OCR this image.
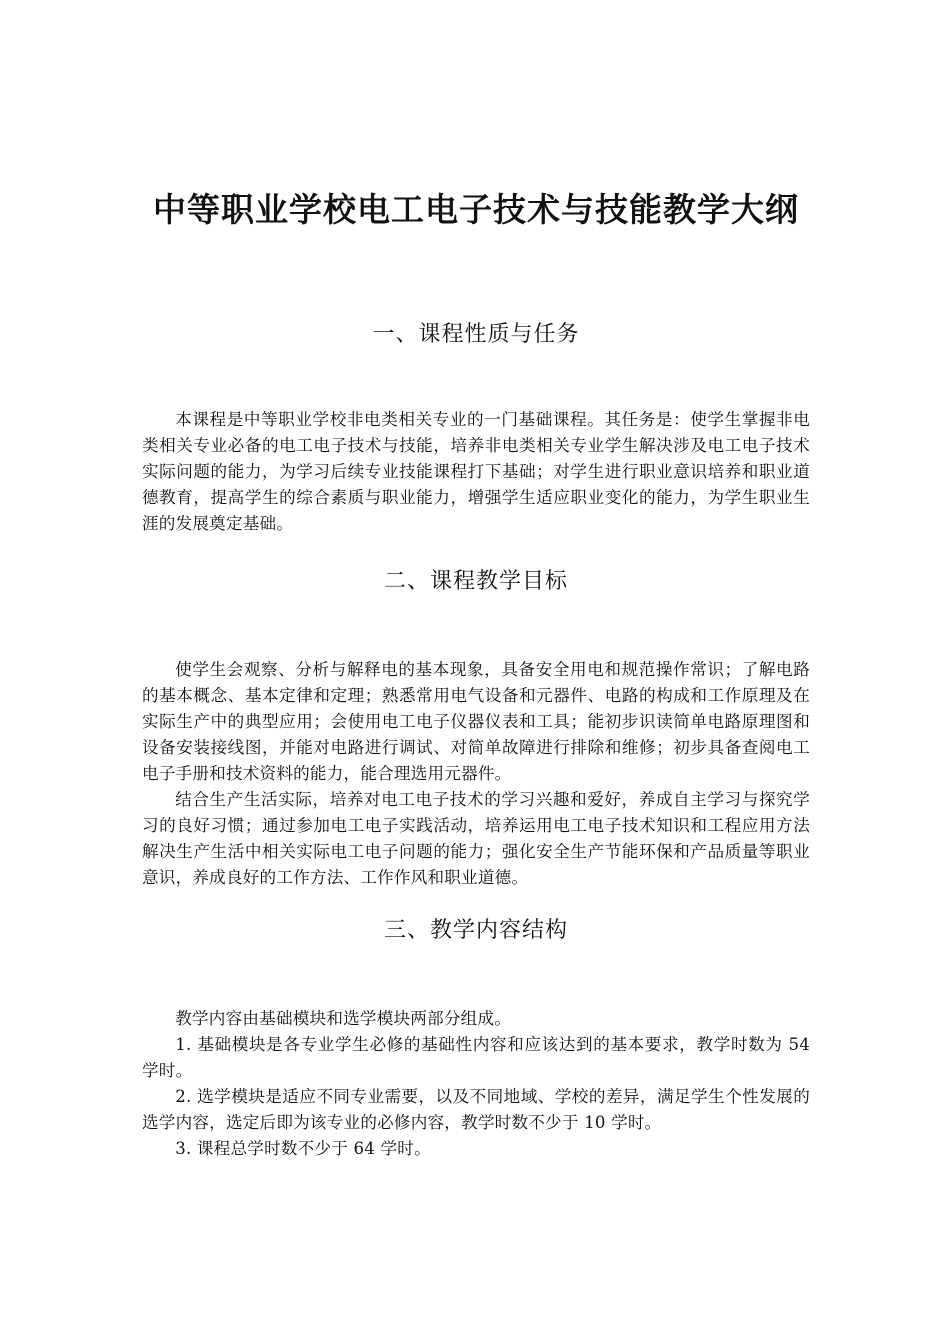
中等职业学校电工电子技术与技能教学大纲
一、课程性质与任务

本课程是中等职业学校非电类相关专业的一门基础课程。其任务是：使学生掌握非电类相关专业必备的电工电子技术与技能，培养非电类相关专业学生解决涉及电工电子技术实际问题的能力，为学习后续专业技能课程打下基础；对学生进行职业意识培养和职业道德教育，提高学生的综合素质与职业能力，增强学生适应职业变化的能力，为学生职业生涯的发展奠定基础。

二、课程教学目标

使学生会观察、分析与解释电的基本现象，具备安全用电和规范操作常识；了解电路的基本概念、基本定律和定理；熟悉常用电气设备和元器件、电路的构成和工作原理及在实际生产中的典型应用；会使用电工电子仪器仪表和工具；能初步识读简单电路原理图和设备安装接线图，并能对电路进行调试、对简单故障进行排除和维修；初步具备查阅电工电子手册和技术资料的能力，能合理选用元器件。

结合生产生活实际，培养对电工电子技术的学习兴趣和爱好，养成自主学习与探究学习的良好习惯；通过参加电工电子实践活动，培养运用电工电子技术知识和工程应用方法解决生产生活中相关实际电工电子问题的能力；强化安全生产节能环保和产品质量等职业意识，养成良好的工作方法、工作作风和职业道德。

三、教学内容结构

教学内容由基础模块和选学模块两部分组成。

1. 基础模块是各专业学生必修的基础性内容和应该达到的基本要求，教学时数为 54 学时。

2. 选学模块是适应不同专业需要，以及不同地域、学校的差异，满足学生个性发展的选学内容，选定后即为该专业的必修内容，教学时数不少于 10 学时。

3. 课程总学时数不少于 64 学时。
